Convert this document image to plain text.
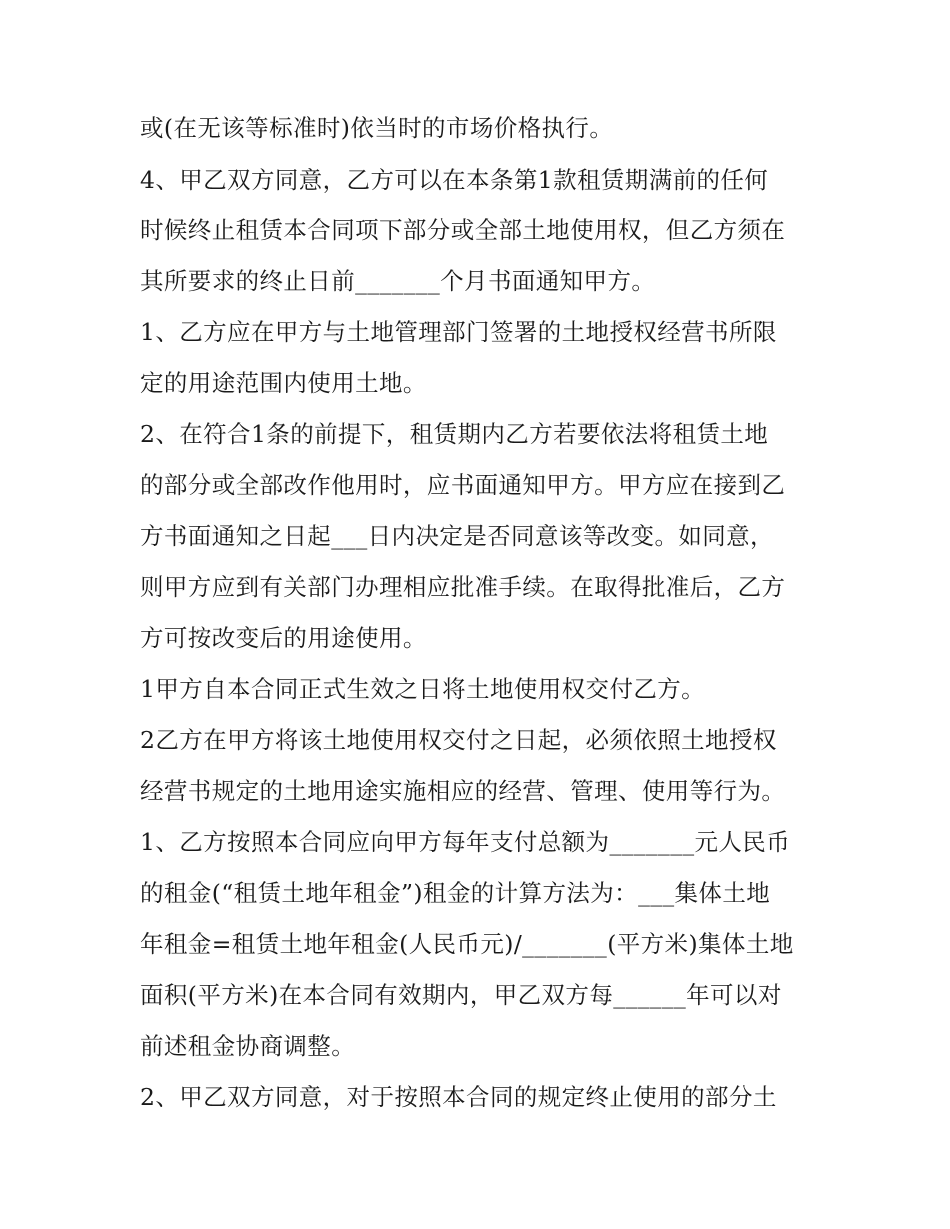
或(在无该等标准时)依当时的市场价格执行。
4、甲乙双方同意，乙方可以在本条第1款租赁期满前的任何
时候终止租赁本合同项下部分或全部土地使用权，但乙方须在
其所要求的终止日前_______个月书面通知甲方。
1、乙方应在甲方与土地管理部门签署的土地授权经营书所限
定的用途范围内使用土地。
2、在符合1条的前提下，租赁期内乙方若要依法将租赁土地
的部分或全部改作他用时，应书面通知甲方。甲方应在接到乙
方书面通知之日起___日内决定是否同意该等改变。如同意，
则甲方应到有关部门办理相应批准手续。在取得批准后，乙方
方可按改变后的用途使用。
1甲方自本合同正式生效之日将土地使用权交付乙方。
2乙方在甲方将该土地使用权交付之日起，必须依照土地授权
经营书规定的土地用途实施相应的经营、管理、使用等行为。
1、乙方按照本合同应向甲方每年支付总额为_______元人民币
的租金(“租赁土地年租金”)租金的计算方法为：___集体土地
年租金=租赁土地年租金(人民币元)/_______(平方米)集体土地
面积(平方米)在本合同有效期内，甲乙双方每______年可以对
前述租金协商调整。
2、甲乙双方同意，对于按照本合同的规定终止使用的部分土
